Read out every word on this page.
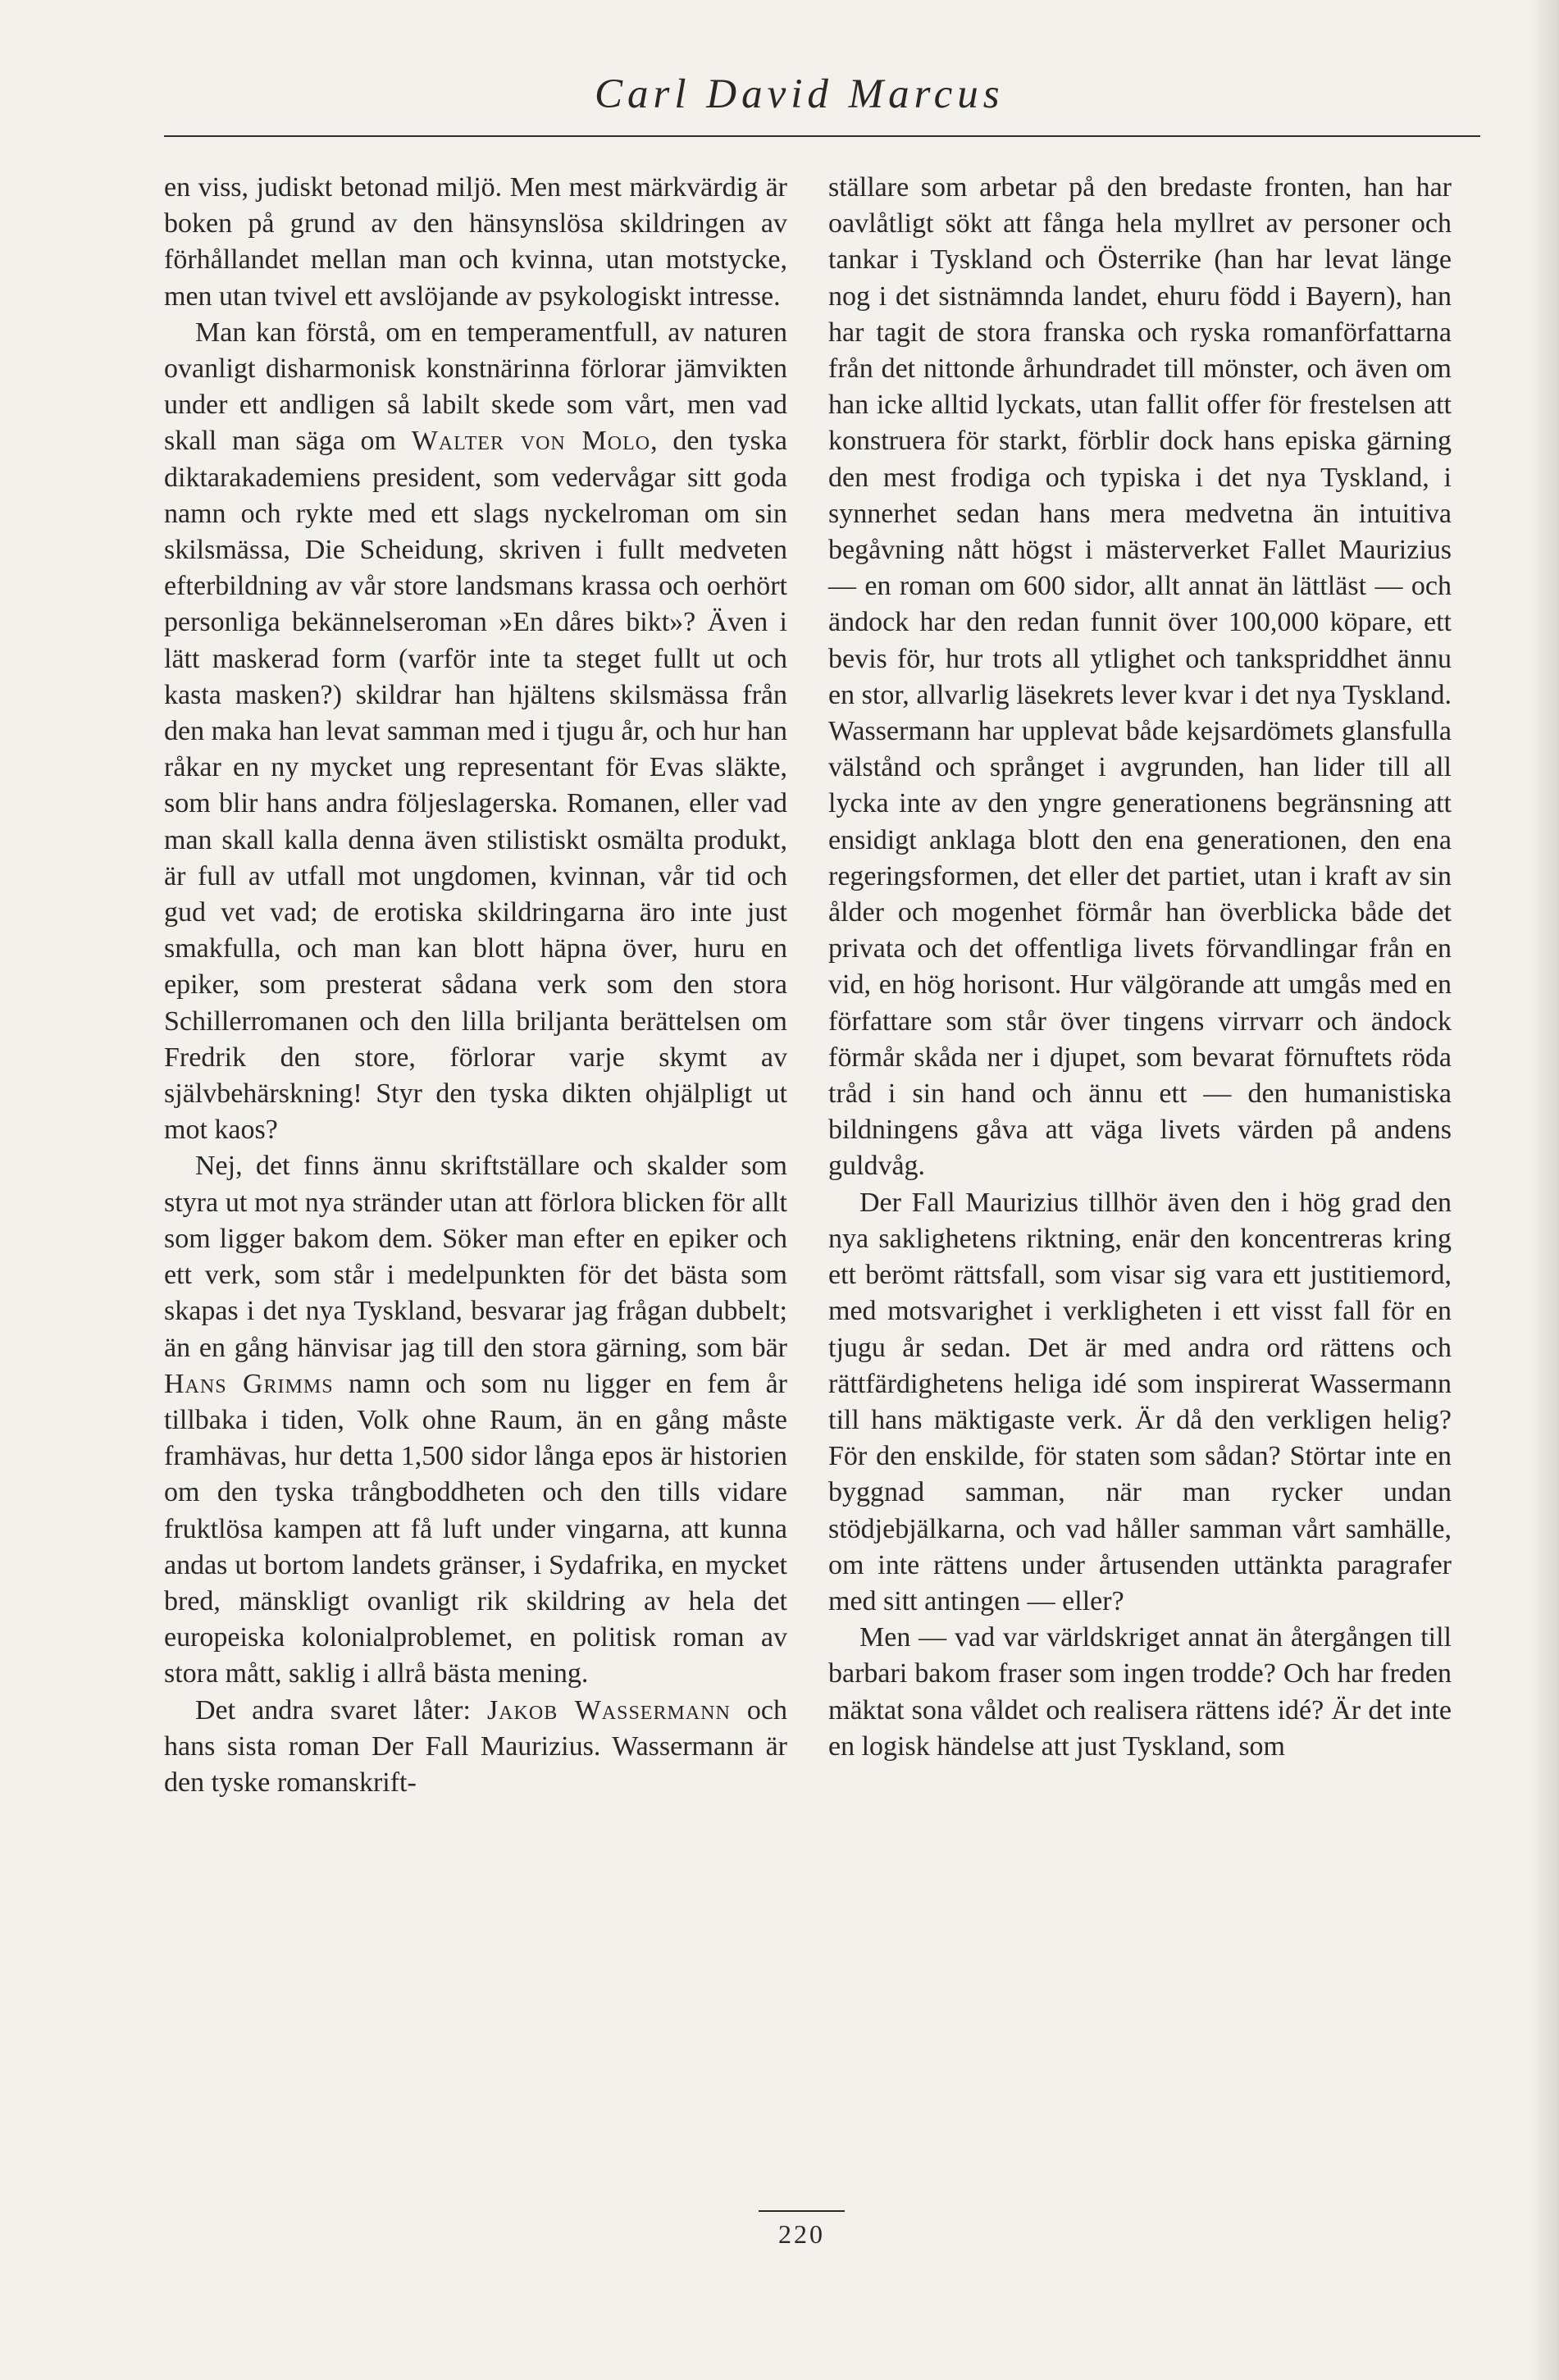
Carl David Marcus

en viss, judiskt betonad miljö. Men mest märkvärdig är boken på grund av den hänsynslösa skildringen av förhållandet mellan man och kvinna, utan motstycke, men utan tvivel ett avslöjande av psykologiskt intresse.

Man kan förstå, om en temperamentfull, av naturen ovanligt disharmonisk konstnärinna förlorar jämvikten under ett andligen så labilt skede som vårt, men vad skall man säga om Walter von Molo, den tyska diktarakademiens president, som vedervågar sitt goda namn och rykte med ett slags nyckelroman om sin skilsmässa, Die Scheidung, skriven i fullt medveten efterbildning av vår store landsmans krassa och oerhört personliga bekännelseroman »En dåres bikt»? Även i lätt maskerad form (varför inte ta steget fullt ut och kasta masken?) skildrar han hjältens skilsmässa från den maka han levat samman med i tjugu år, och hur han råkar en ny mycket ung representant för Evas släkte, som blir hans andra följeslagerska. Romanen, eller vad man skall kalla denna även stilistiskt osmälta produkt, är full av utfall mot ungdomen, kvinnan, vår tid och gud vet vad; de erotiska skildringarna äro inte just smakfulla, och man kan blott häpna över, huru en epiker, som presterat sådana verk som den stora Schillerromanen och den lilla briljanta berättelsen om Fredrik den store, förlorar varje skymt av självbehärskning! Styr den tyska dikten ohjälpligt ut mot kaos?

Nej, det finns ännu skriftställare och skalder som styra ut mot nya stränder utan att förlora blicken för allt som ligger bakom dem. Söker man efter en epiker och ett verk, som står i medelpunkten för det bästa som skapas i det nya Tyskland, besvarar jag frågan dubbelt; än en gång hänvisar jag till den stora gärning, som bär Hans Grimms namn och som nu ligger en fem år tillbaka i tiden, Volk ohne Raum, än en gång måste framhävas, hur detta 1,500 sidor långa epos är historien om den tyska trångboddheten och den tills vidare fruktlösa kampen att få luft under vingarna, att kunna andas ut bortom landets gränser, i Sydafrika, en mycket bred, mänskligt ovanligt rik skildring av hela det europeiska kolonialproblemet, en politisk roman av stora mått, saklig i allrå bästa mening.

Det andra svaret låter: Jakob Wassermann och hans sista roman Der Fall Maurizius. Wassermann är den tyske romanskrift-

ställare som arbetar på den bredaste fronten, han har oavlåtligt sökt att fånga hela myllret av personer och tankar i Tyskland och Österrike (han har levat länge nog i det sistnämnda landet, ehuru född i Bayern), han har tagit de stora franska och ryska romanförfattarna från det nittonde århundradet till mönster, och även om han icke alltid lyckats, utan fallit offer för frestelsen att konstruera för starkt, förblir dock hans episka gärning den mest frodiga och typiska i det nya Tyskland, i synnerhet sedan hans mera medvetna än intuitiva begåvning nått högst i mästerverket Fallet Maurizius — en roman om 600 sidor, allt annat än lättläst — och ändock har den redan funnit över 100,000 köpare, ett bevis för, hur trots all ytlighet och tankspriddhet ännu en stor, allvarlig läsekrets lever kvar i det nya Tyskland. Wassermann har upplevat både kejsardömets glansfulla välstånd och språnget i avgrunden, han lider till all lycka inte av den yngre generationens begränsning att ensidigt anklaga blott den ena generationen, den ena regeringsformen, det eller det partiet, utan i kraft av sin ålder och mogenhet förmår han överblicka både det privata och det offentliga livets förvandlingar från en vid, en hög horisont. Hur välgörande att umgås med en författare som står över tingens virrvarr och ändock förmår skåda ner i djupet, som bevarat förnuftets röda tråd i sin hand och ännu ett — den humanistiska bildningens gåva att väga livets värden på andens guldvåg.

Der Fall Maurizius tillhör även den i hög grad den nya saklighetens riktning, enär den koncentreras kring ett berömt rättsfall, som visar sig vara ett justitiemord, med motsvarighet i verkligheten i ett visst fall för en tjugu år sedan. Det är med andra ord rättens och rättfärdighetens heliga idé som inspirerat Wassermann till hans mäktigaste verk. Är då den verkligen helig? För den enskilde, för staten som sådan? Störtar inte en byggnad samman, när man rycker undan stödjebjälkarna, och vad håller samman vårt samhälle, om inte rättens under årtusenden uttänkta paragrafer med sitt antingen — eller?

Men — vad var världskriget annat än återgången till barbari bakom fraser som ingen trodde? Och har freden mäktat sona våldet och realisera rättens idé? Är det inte en logisk händelse att just Tyskland, som

220
